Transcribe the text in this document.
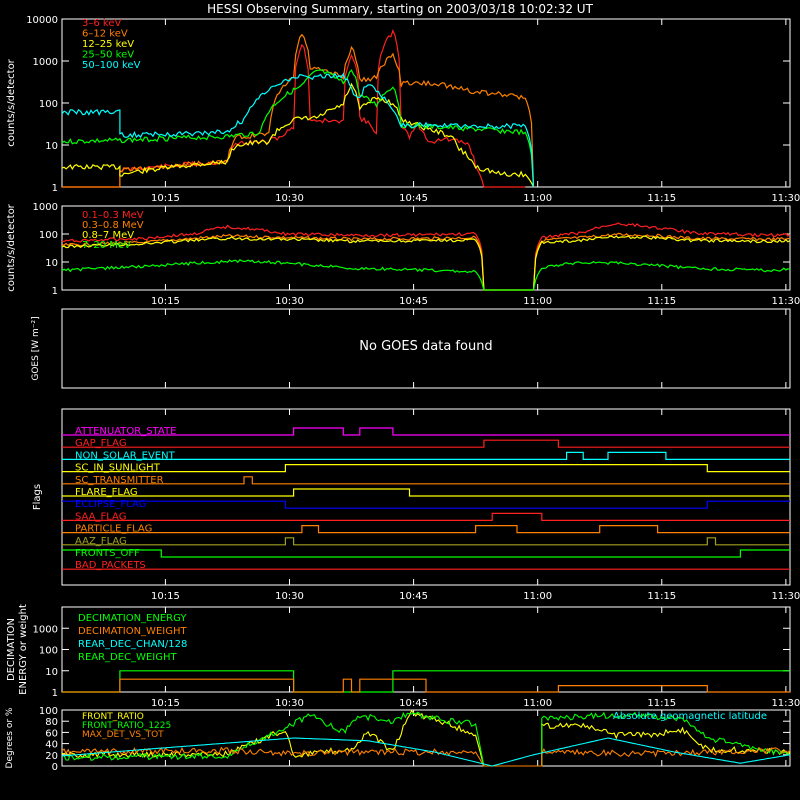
HESSI Observing Summary, starting on 2003/03/18 10:02:32 UT
1
10
100
1000
10000
10:15	10:30	10:45	11:00	11:15	11:30
counts/s/detector
3–6 keV
6–12 keV
12–25 keV
25–50 keV
50–100 keV
1
10
100
1000
10:15	10:30	10:45	11:00	11:15	11:30
counts/s/detector	0.1–0.3 MeV
0.3–0.8 MeV
0.8–7 MeV
7–20 MeV
GOES [W m⁻²]	No GOES data found
10:15	10:30	10:45	11:00	11:15	11:30
Flags
ATTENUATOR_STATE
GAP_FLAG
NON_SOLAR_EVENT
SC_IN_SUNLIGHT
SC_TRANSMITTER
FLARE_FLAG
ECLIPSE_FLAG
SAA_FLAG
PARTICLE_FLAG
AAZ_FLAG
FRONTS_OFF
BAD_PACKETS
1
10
100
1000
10:15	10:30	10:45	11:00	11:15	11:30
DECIMATION ENERGY or weight	DECIMATION_ENERGY
DECIMATION_WEIGHT
REAR_DEC_CHAN/128
REAR_DEC_WEIGHT
0
20
40
60
80
100
Degrees or %	FRONT_RATIO
FRONT_RATIO_1225
MAX_DET_VS_TOT
Absolute geomagnetic latitude
